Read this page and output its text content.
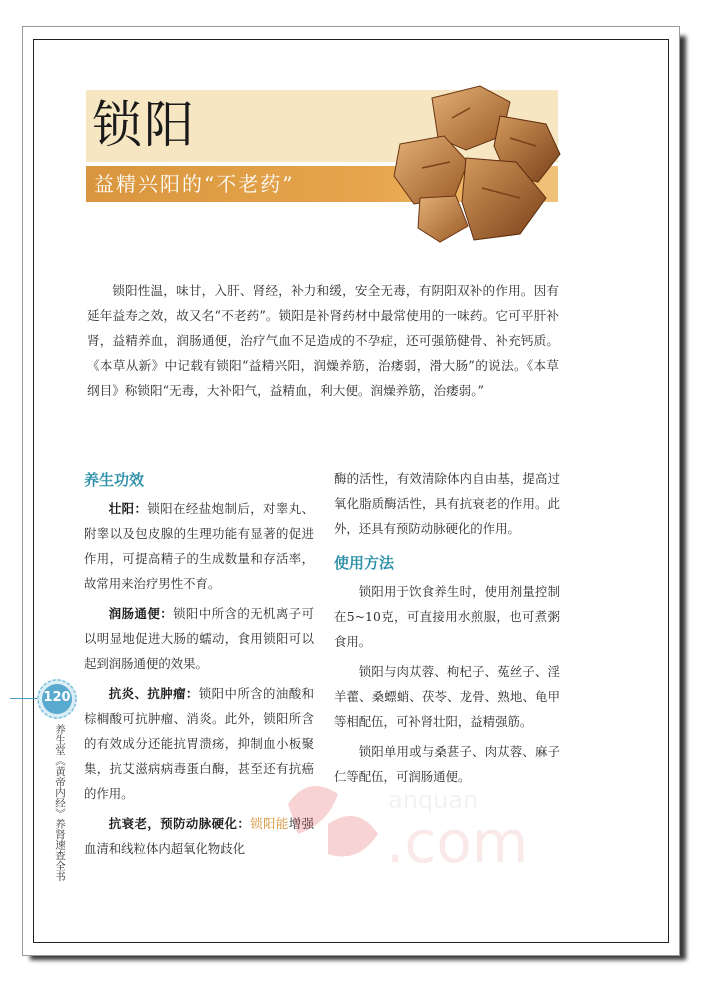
锁阳
益精兴阳的“不老药”

锁阳性温，味甘，入肝、肾经，补力和缓，安全无毒，有阴阳双补的作用。因有延年益寿之效，故又名“不老药”。锁阳是补肾药材中最常使用的一味药。它可平肝补肾，益精养血，润肠通便，治疗气血不足造成的不孕症，还可强筋健骨、补充钙质。《本草从新》中记载有锁阳“益精兴阳，润燥养筋，治痿弱，滑大肠”的说法。《本草纲目》称锁阳“无毒，大补阳气，益精血，利大便。润燥养筋，治痿弱。”

养生功效

壮阳：锁阳在经盐炮制后，对睾丸、附睾以及包皮腺的生理功能有显著的促进作用，可提高精子的生成数量和存活率，故常用来治疗男性不育。

润肠通便：锁阳中所含的无机离子可以明显地促进大肠的蠕动，食用锁阳可以起到润肠通便的效果。

抗炎、抗肿瘤：锁阳中所含的油酸和棕榈酸可抗肿瘤、消炎。此外，锁阳所含的有效成分还能抗胃溃疡，抑制血小板聚集，抗艾滋病病毒蛋白酶，甚至还有抗癌的作用。

抗衰老，预防动脉硬化：锁阳能增强血清和线粒体内超氧化物歧化

酶的活性，有效清除体内自由基，提高过氧化脂质酶活性，具有抗衰老的作用。此外，还具有预防动脉硬化的作用。

使用方法

锁阳用于饮食养生时，使用剂量控制在5~10克，可直接用水煎服，也可煮粥食用。

锁阳与肉苁蓉、枸杞子、菟丝子、淫羊藿、桑螵蛸、茯苓、龙骨、熟地、龟甲等相配伍，可补肾壮阳，益精强筋。

锁阳单用或与桑葚子、肉苁蓉、麻子仁等配伍，可润肠通便。

120
养生堂《黄帝内经》养肾速查全书	anquan
.com
